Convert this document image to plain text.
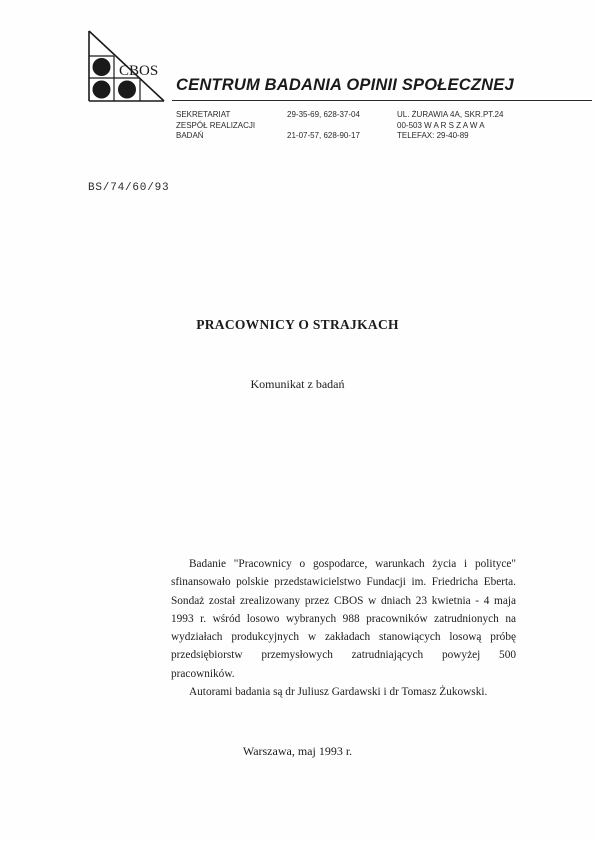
CBOS
CENTRUM BADANIA OPINII SPOŁECZNEJ
SEKRETARIAT
ZESPÓŁ REALIZACJI
BADAŃ
29-35-69, 628-37-04
21-07-57, 628-90-17
UL. ŻURAWIA 4A, SKR.PT.24
00-503 W A R S Z A W A
TELEFAX: 29-40-89
BS/74/60/93
PRACOWNICY O STRAJKACH
Komunikat z badań

Badanie "Pracownicy o gospodarce, warunkach życia i polityce"

sfinansowało polskie przedstawicielstwo Fundacji im. Friedricha Eberta.

Sondaż został zrealizowany przez CBOS w dniach 23 kwietnia - 4 maja

1993 r. wśród losowo wybranych 988 pracowników zatrudnionych na

wydziałach produkcyjnych w zakładach stanowiących losową próbę

przedsiębiorstw przemysłowych zatrudniających powyżej 500 pracowników.

Autorami badania są dr Juliusz Gardawski i dr Tomasz Żukowski.

Warszawa, maj 1993 r.
